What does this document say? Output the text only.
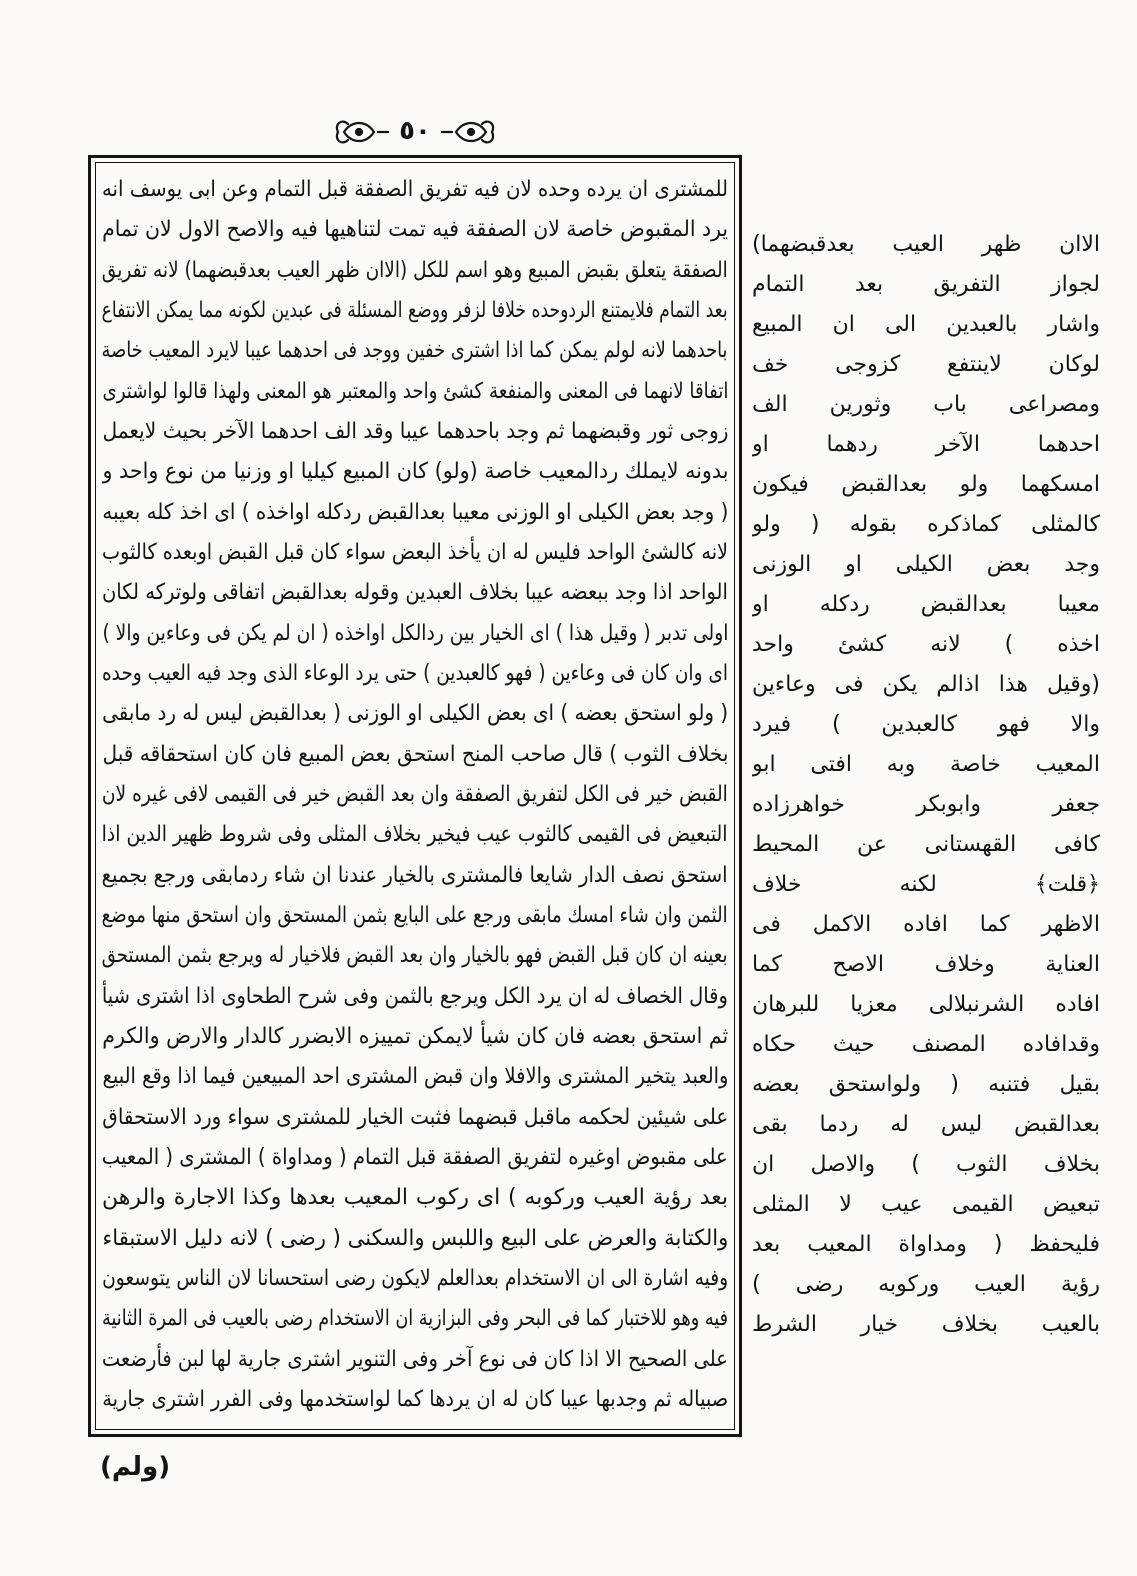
٥٠
للمشترى ان يرده وحده لان فيه تفريق الصفقة قبل التمام وعن ابى يوسف انه
يرد المقبوض خاصة لان الصفقة فيه تمت لتناهيها فيه والاصح الاول لان تمام
الصفقة يتعلق بقبض المبيع وهو اسم للكل (الاان ظهر العيب بعدقبضهما) لانه تفريق
بعد التمام فلايمتنع الردوحده خلافا لزفر ووضع المسئلة فى عبدين لكونه مما يمكن الانتفاع
باحدهما لانه لولم يمكن كما اذا اشترى خفين ووجد فى احدهما عيبا لايرد المعيب خاصة
اتفاقا لانهما فى المعنى والمنفعة كشئ واحد والمعتبر هو المعنى ولهذا قالوا لواشترى
زوجى ثور وقبضهما ثم وجد باحدهما عيبا وقد الف احدهما الآخر بحيث لايعمل
بدونه لايملك ردالمعيب خاصة (ولو) كان المبيع كيليا او وزنيا من نوع واحد و
( وجد بعض الكيلى او الوزنى معيبا بعدالقبض ردكله اواخذه ) اى اخذ كله بعيبه
لانه كالشئ الواحد فليس له ان يأخذ البعض سواء كان قبل القبض اوبعده كالثوب
الواحد اذا وجد ببعضه عيبا بخلاف العبدين وقوله بعدالقبض اتفاقى ولوتركه لكان
اولى تدبر ( وقيل هذا ) اى الخيار بين ردالكل اواخذه ( ان لم يكن فى وعاءين والا )
اى وان كان فى وعاءين ( فهو كالعبدين ) حتى يرد الوعاء الذى وجد فيه العيب وحده
( ولو استحق بعضه ) اى بعض الكيلى او الوزنى ( بعدالقبض ليس له رد مابقى
بخلاف الثوب ) قال صاحب المنح استحق بعض المبيع فان كان استحقاقه قبل
القبض خير فى الكل لتفريق الصفقة وان بعد القبض خير فى القيمى لافى غيره لان
التبعيض فى القيمى كالثوب عيب فيخير بخلاف المثلى وفى شروط ظهير الدين اذا
استحق نصف الدار شايعا فالمشترى بالخيار عندنا ان شاء ردمابقى ورجع بجميع
الثمن وان شاء امسك مابقى ورجع على البايع بثمن المستحق وان استحق منها موضع
بعينه ان كان قبل القبض فهو بالخيار وان بعد القبض فلاخيار له ويرجع بثمن المستحق
وقال الخصاف له ان يرد الكل ويرجع بالثمن وفى شرح الطحاوى اذا اشترى شيأ
ثم استحق بعضه فان كان شيأ لايمكن تمييزه الابضرر كالدار والارض والكرم
والعبد يتخير المشترى والافلا وان قبض المشترى احد المبيعين فيما اذا وقع البيع
على شيئين لحكمه ماقبل قبضهما فثبت الخيار للمشترى سواء ورد الاستحقاق
على مقبوض اوغيره لتفريق الصفقة قبل التمام ( ومداواة ) المشترى ( المعيب
بعد رؤية العيب وركوبه ) اى ركوب المعيب بعدها وكذا الاجارة والرهن
والكتابة والعرض على البيع واللبس والسكنى ( رضى ) لانه دليل الاستبقاء
وفيه اشارة الى ان الاستخدام بعدالعلم لايكون رضى استحسانا لان الناس يتوسعون
فيه وهو للاختبار كما فى البحر وفى البزازية ان الاستخدام رضى بالعيب فى المرة الثانية
على الصحيح الا اذا كان فى نوع آخر وفى التنوير اشترى جارية لها لبن فأرضعت
صبياله ثم وجدبها عيبا كان له ان يردها كما لواستخدمها وفى الفرر اشترى جارية
الاان ظهر العيب بعدقبضهما)
لجواز التفريق بعد التمام
واشار بالعبدين الى ان المبيع
لوكان لاينتفع كزوجى خف
ومصراعى باب وثورين الف
احدهما الآخر ردهما او
امسكهما ولو بعدالقبض فيكون
كالمثلى كماذكره بقوله ( ولو
وجد بعض الكيلى او الوزنى
معيبا بعدالقبض ردكله او
اخذه ) لانه كشئ واحد
(وقيل هذا اذالم يكن فى وعاءين
والا فهو كالعبدين ) فيرد
المعيب خاصة وبه افتى ابو
جعفر وابوبكر خواهرزاده
كافى القهستانى عن المحيط
﴿قلت﴾ لكنه خلاف
الاظهر كما افاده الاكمل فى
العناية وخلاف الاصح كما
افاده الشرنبلالى معزيا للبرهان
وقدافاده المصنف حيث حكاه
بقيل فتنبه ( ولواستحق بعضه
بعدالقبض ليس له ردما بقى
بخلاف الثوب ) والاصل ان
تبعيض القيمى عيب لا المثلى
فليحفظ ( ومداواة المعيب بعد
رؤية العيب وركوبه رضى )
بالعيب بخلاف خيار الشرط
(ولم)
